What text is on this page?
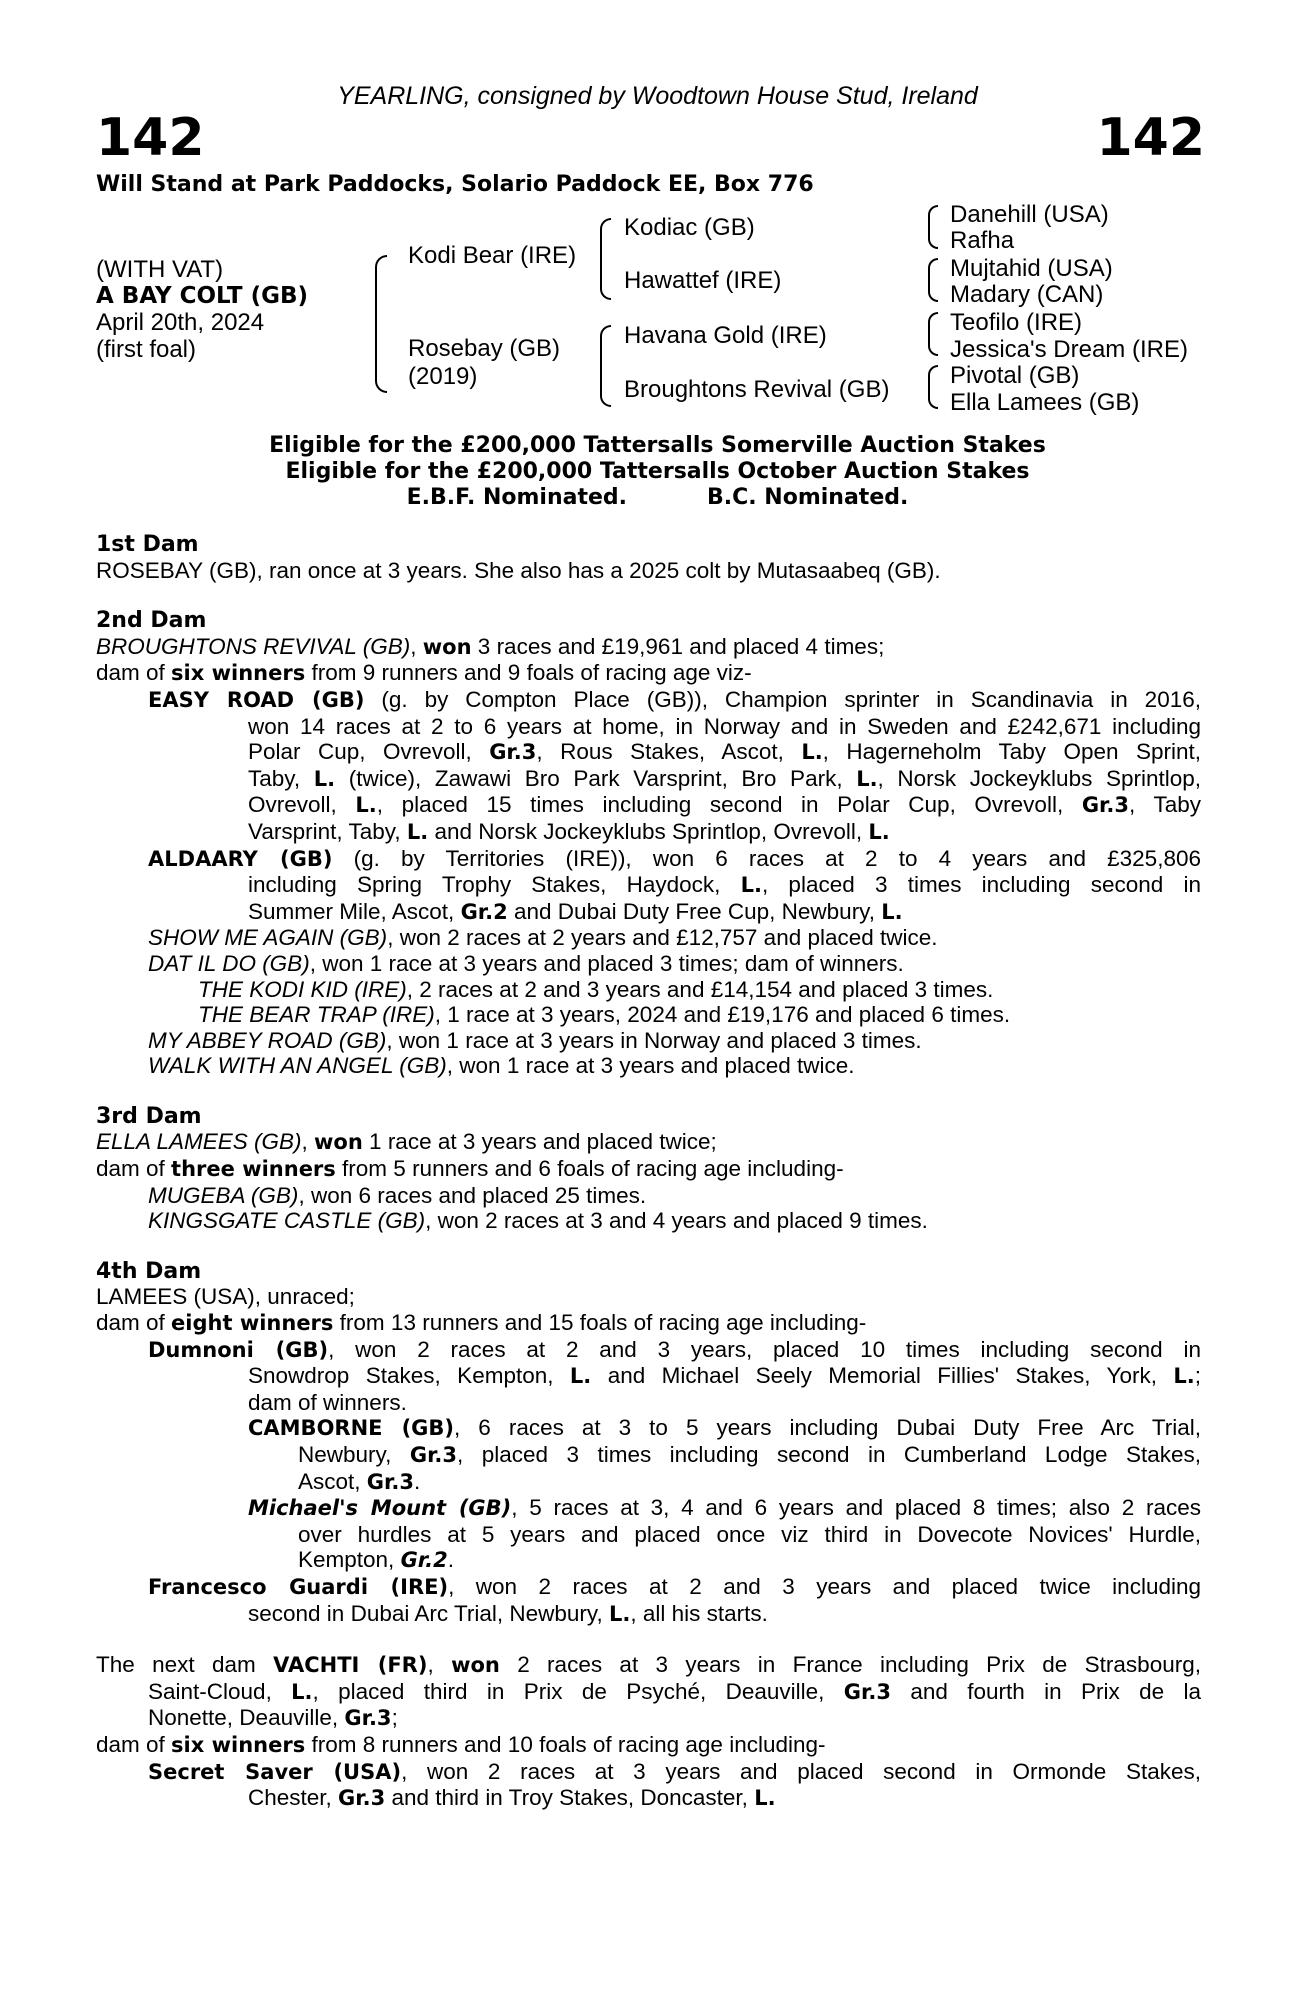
YEARLING, consigned by Woodtown House Stud, Ireland
142	142
Will Stand at Park Paddocks, Solario Paddock EE, Box 776
(WITH VAT)
A BAY COLT (GB)
April 20th, 2024
(first foal)
Kodi Bear (IRE)
Rosebay (GB)
(2019)
Kodiac (GB)
Hawattef (IRE)
Havana Gold (IRE)
Broughtons Revival (GB)
Danehill (USA)
Rafha
Mujtahid (USA)
Madary (CAN)
Teofilo (IRE)
Jessica's Dream (IRE)
Pivotal (GB)
Ella Lamees (GB)
Eligible for the £200,000 Tattersalls Somerville Auction Stakes
Eligible for the £200,000 Tattersalls October Auction Stakes
E.B.F. Nominated.	B.C. Nominated.
1st Dam
ROSEBAY (GB), ran once at 3 years. She also has a 2025 colt by Mutasaabeq (GB).
2nd Dam
BROUGHTONS REVIVAL (GB), won 3 races and £19,961 and placed 4 times;
dam of six winners from 9 runners and 9 foals of racing age viz-
EASY ROAD (GB) (g. by Compton Place (GB)), Champion sprinter in Scandinavia in 2016,
won 14 races at 2 to 6 years at home, in Norway and in Sweden and £242,671 including
Polar Cup, Ovrevoll, Gr.3, Rous Stakes, Ascot, L., Hagerneholm Taby Open Sprint,
Taby, L. (twice), Zawawi Bro Park Varsprint, Bro Park, L., Norsk Jockeyklubs Sprintlop,
Ovrevoll, L., placed 15 times including second in Polar Cup, Ovrevoll, Gr.3, Taby
Varsprint, Taby, L. and Norsk Jockeyklubs Sprintlop, Ovrevoll, L.
ALDAARY (GB) (g. by Territories (IRE)), won 6 races at 2 to 4 years and £325,806
including Spring Trophy Stakes, Haydock, L., placed 3 times including second in
Summer Mile, Ascot, Gr.2 and Dubai Duty Free Cup, Newbury, L.
SHOW ME AGAIN (GB), won 2 races at 2 years and £12,757 and placed twice.
DAT IL DO (GB), won 1 race at 3 years and placed 3 times; dam of winners.
THE KODI KID (IRE), 2 races at 2 and 3 years and £14,154 and placed 3 times.
THE BEAR TRAP (IRE), 1 race at 3 years, 2024 and £19,176 and placed 6 times.
MY ABBEY ROAD (GB), won 1 race at 3 years in Norway and placed 3 times.
WALK WITH AN ANGEL (GB), won 1 race at 3 years and placed twice.
3rd Dam
ELLA LAMEES (GB), won 1 race at 3 years and placed twice;
dam of three winners from 5 runners and 6 foals of racing age including-
MUGEBA (GB), won 6 races and placed 25 times.
KINGSGATE CASTLE (GB), won 2 races at 3 and 4 years and placed 9 times.
4th Dam
LAMEES (USA), unraced;
dam of eight winners from 13 runners and 15 foals of racing age including-
Dumnoni (GB), won 2 races at 2 and 3 years, placed 10 times including second in
Snowdrop Stakes, Kempton, L. and Michael Seely Memorial Fillies' Stakes, York, L.;
dam of winners.
CAMBORNE (GB), 6 races at 3 to 5 years including Dubai Duty Free Arc Trial,
Newbury, Gr.3, placed 3 times including second in Cumberland Lodge Stakes,
Ascot, Gr.3.
Michael's Mount (GB), 5 races at 3, 4 and 6 years and placed 8 times; also 2 races
over hurdles at 5 years and placed once viz third in Dovecote Novices' Hurdle,
Kempton, Gr.2.
Francesco Guardi (IRE), won 2 races at 2 and 3 years and placed twice including
second in Dubai Arc Trial, Newbury, L., all his starts.
The next dam VACHTI (FR), won 2 races at 3 years in France including Prix de Strasbourg,
Saint-Cloud, L., placed third in Prix de Psyché, Deauville, Gr.3 and fourth in Prix de la
Nonette, Deauville, Gr.3;
dam of six winners from 8 runners and 10 foals of racing age including-
Secret Saver (USA), won 2 races at 3 years and placed second in Ormonde Stakes,
Chester, Gr.3 and third in Troy Stakes, Doncaster, L.
